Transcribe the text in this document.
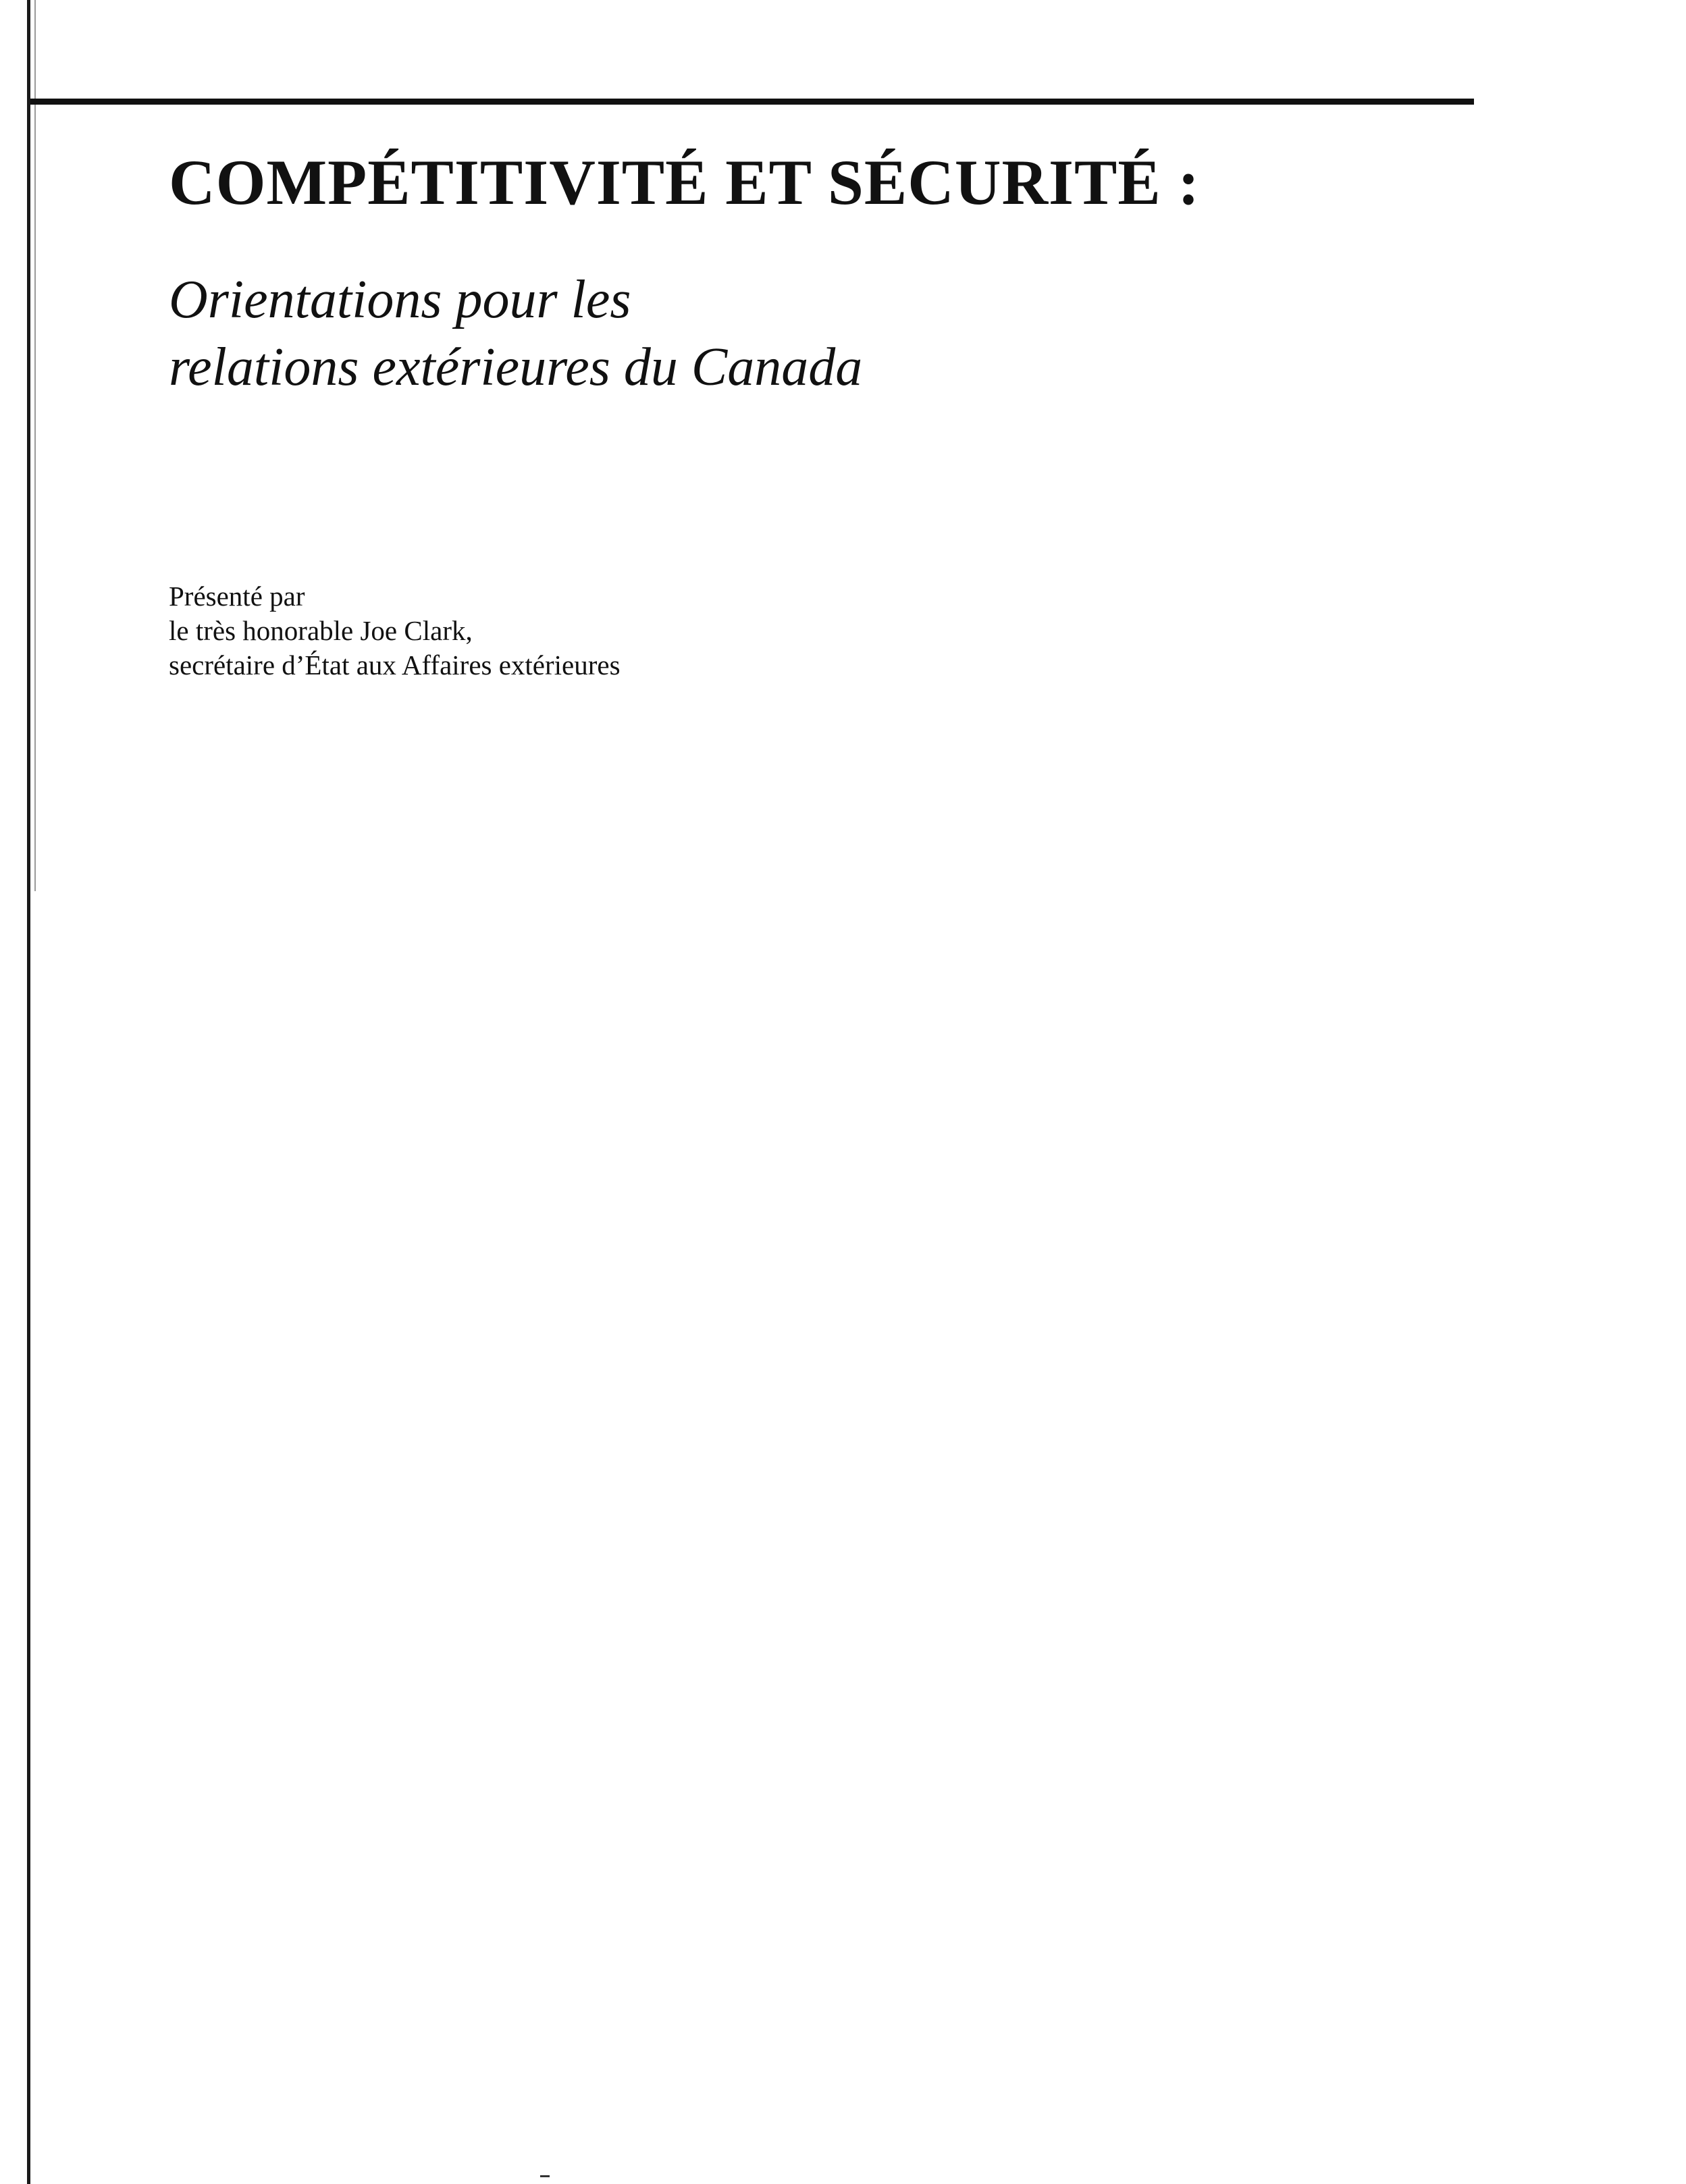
COMPÉTITIVITÉ ET SÉCURITÉ :
Orientations pour les
relations extérieures du Canada
Présenté par
le très honorable Joe Clark,
secrétaire d’État aux Affaires extérieures
